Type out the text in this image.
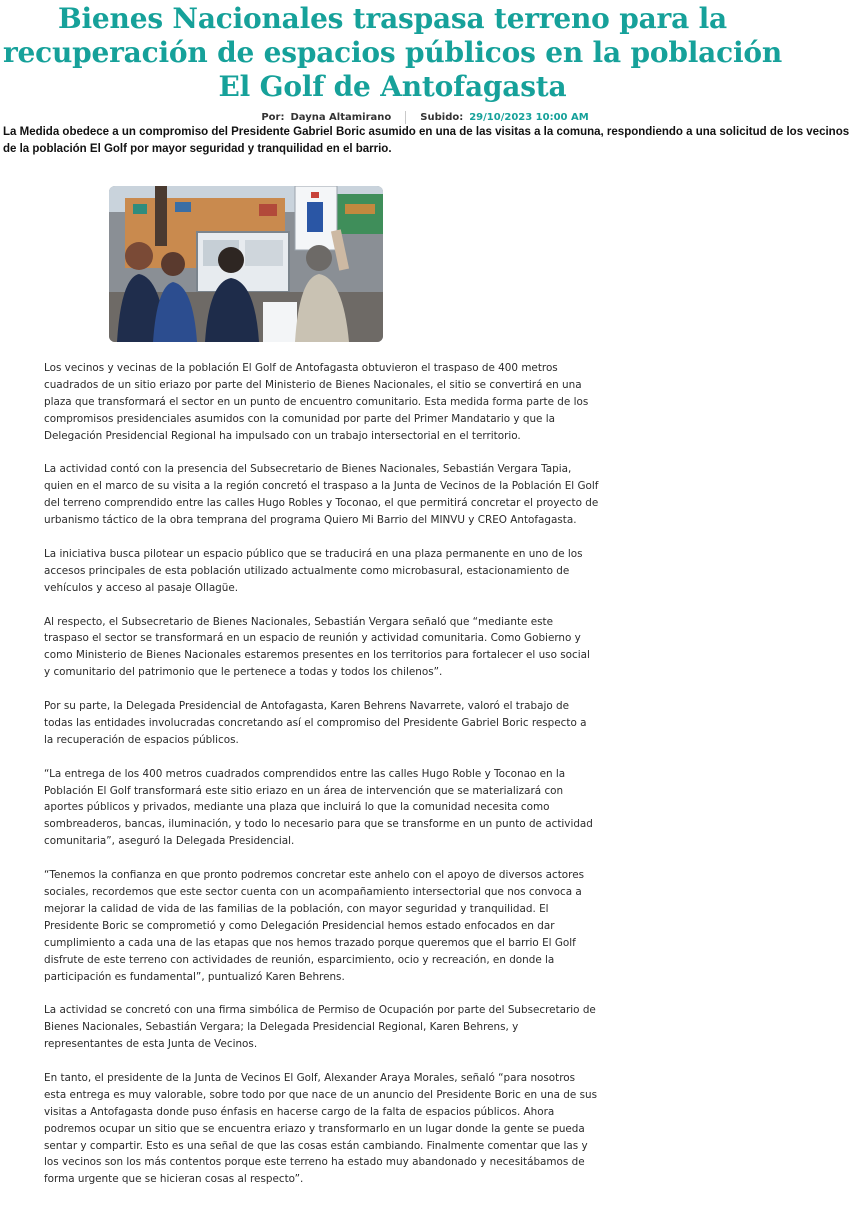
Bienes Nacionales traspasa terreno para la recuperación de espacios públicos en la población El Golf de Antofagasta
Por: Dayna Altamirano	Subido: 29/10/2023 10:00 AM

La Medida obedece a un compromiso del Presidente Gabriel Boric asumido en una de las visitas a la comuna, respondiendo a una solicitud de los vecinos de la población El Golf por mayor seguridad y tranquilidad en el barrio.

Los vecinos y vecinas de la población El Golf de Antofagasta obtuvieron el traspaso de 400 metros cuadrados de un sitio eriazo por parte del Ministerio de Bienes Nacionales, el sitio se convertirá en una plaza que transformará el sector en un punto de encuentro comunitario. Esta medida forma parte de los compromisos presidenciales asumidos con la comunidad por parte del Primer Mandatario y que la Delegación Presidencial Regional ha impulsado con un trabajo intersectorial en el territorio.

La actividad contó con la presencia del Subsecretario de Bienes Nacionales, Sebastián Vergara Tapia, quien en el marco de su visita a la región concretó el traspaso a la Junta de Vecinos de la Población El Golf del terreno comprendido entre las calles Hugo Robles y Toconao, el que permitirá concretar el proyecto de urbanismo táctico de la obra temprana del programa Quiero Mi Barrio del MINVU y CREO Antofagasta.

La iniciativa busca pilotear un espacio público que se traducirá en una plaza permanente en uno de los accesos principales de esta población utilizado actualmente como microbasural, estacionamiento de vehículos y acceso al pasaje Ollagüe.

Al respecto, el Subsecretario de Bienes Nacionales, Sebastián Vergara señaló que “mediante este traspaso el sector se transformará en un espacio de reunión y actividad comunitaria. Como Gobierno y como Ministerio de Bienes Nacionales estaremos presentes en los territorios para fortalecer el uso social y comunitario del patrimonio que le pertenece a todas y todos los chilenos”.

Por su parte, la Delegada Presidencial de Antofagasta, Karen Behrens Navarrete, valoró el trabajo de todas las entidades involucradas concretando así el compromiso del Presidente Gabriel Boric respecto a la recuperación de espacios públicos.

“La entrega de los 400 metros cuadrados comprendidos entre las calles Hugo Roble y Toconao en la Población El Golf transformará este sitio eriazo en un área de intervención que se materializará con aportes públicos y privados, mediante una plaza que incluirá lo que la comunidad necesita como sombreaderos, bancas, iluminación, y todo lo necesario para que se transforme en un punto de actividad comunitaria”, aseguró la Delegada Presidencial.

“Tenemos la confianza en que pronto podremos concretar este anhelo con el apoyo de diversos actores sociales, recordemos que este sector cuenta con un acompañamiento intersectorial que nos convoca a mejorar la calidad de vida de las familias de la población, con mayor seguridad y tranquilidad. El Presidente Boric se comprometió y como Delegación Presidencial hemos estado enfocados en dar cumplimiento a cada una de las etapas que nos hemos trazado porque queremos que el barrio El Golf disfrute de este terreno con actividades de reunión, esparcimiento, ocio y recreación, en donde la participación es fundamental”, puntualizó Karen Behrens.

La actividad se concretó con una firma simbólica de Permiso de Ocupación por parte del Subsecretario de Bienes Nacionales, Sebastián Vergara; la Delegada Presidencial Regional, Karen Behrens, y representantes de esta Junta de Vecinos.

En tanto, el presidente de la Junta de Vecinos El Golf, Alexander Araya Morales, señaló “para nosotros esta entrega es muy valorable, sobre todo por que nace de un anuncio del Presidente Boric en una de sus visitas a Antofagasta donde puso énfasis en hacerse cargo de la falta de espacios públicos. Ahora podremos ocupar un sitio que se encuentra eriazo y transformarlo en un lugar donde la gente se pueda sentar y compartir. Esto es una señal de que las cosas están cambiando. Finalmente comentar que las y los vecinos son los más contentos porque este terreno ha estado muy abandonado y necesitábamos de forma urgente que se hicieran cosas al respecto”.
